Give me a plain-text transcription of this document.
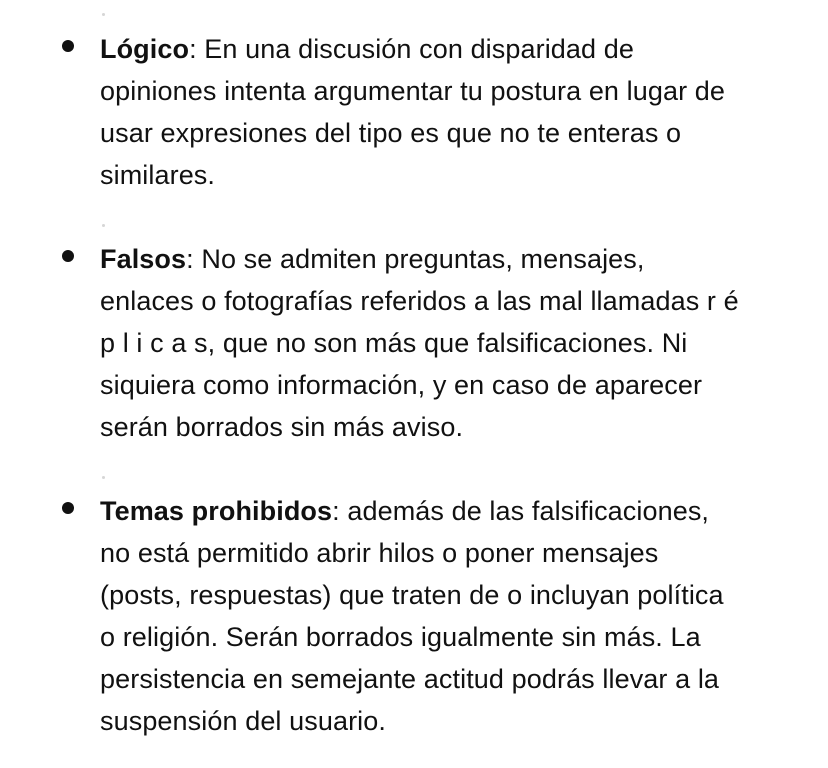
Lógico: En una discusión con disparidad de
opiniones intenta argumentar tu postura en lugar de
usar expresiones del tipo es que no te enteras o
similares.
Falsos: No se admiten preguntas, mensajes,
enlaces o fotografías referidos a las mal llamadas r é
p l i c a s, que no son más que falsificaciones. Ni
siquiera como información, y en caso de aparecer
serán borrados sin más aviso.
Temas prohibidos: además de las falsificaciones,
no está permitido abrir hilos o poner mensajes
(posts, respuestas) que traten de o incluyan política
o religión. Serán borrados igualmente sin más. La
persistencia en semejante actitud podrás llevar a la
suspensión del usuario.
